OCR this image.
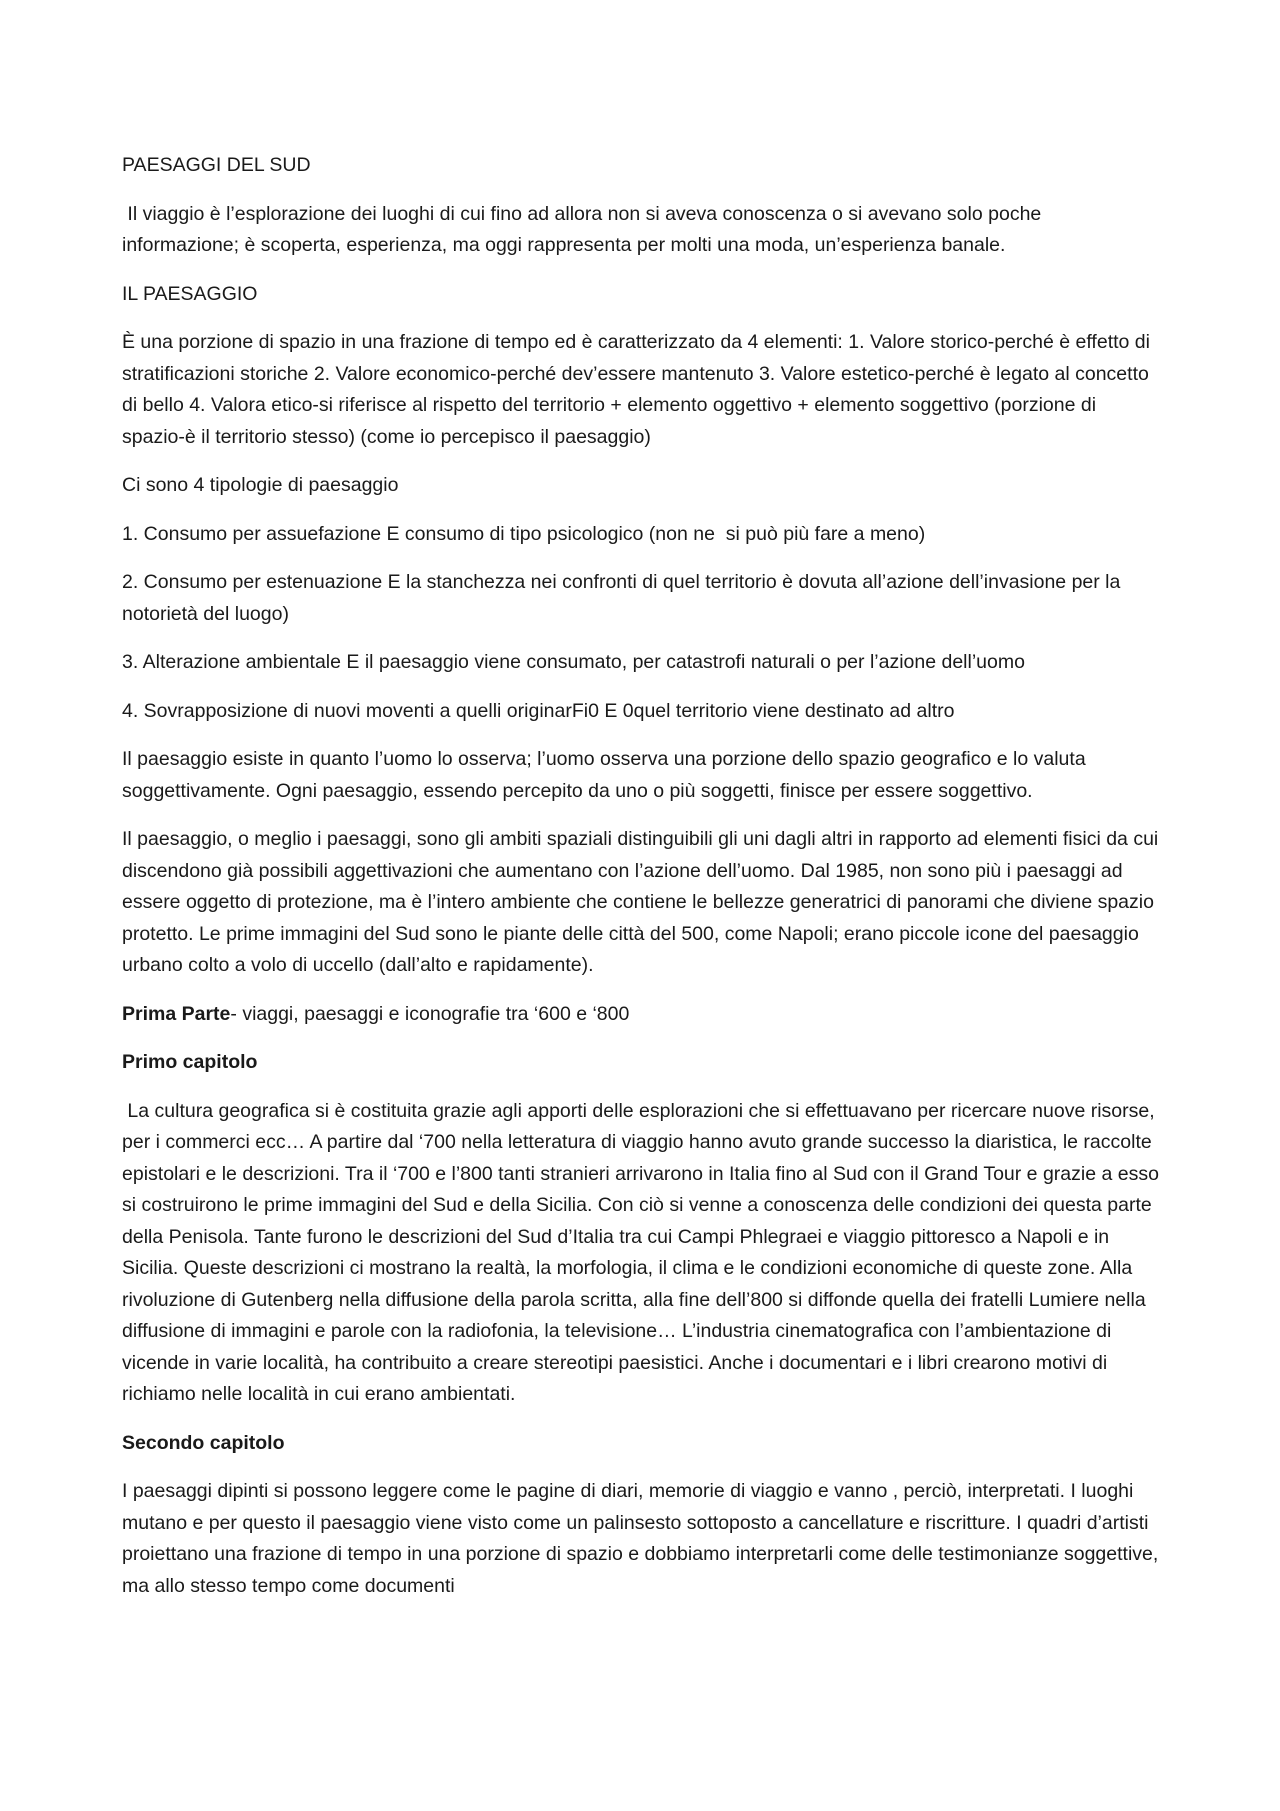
PAESAGGI DEL SUD

Il viaggio è l’esplorazione dei luoghi di cui fino ad allora non si aveva conoscenza o si avevano solo poche informazione; è scoperta, esperienza, ma oggi rappresenta per molti una moda, un’esperienza banale.

IL PAESAGGIO

È una porzione di spazio in una frazione di tempo ed è caratterizzato da 4 elementi: 1. Valore storico-perché è effetto di stratificazioni storiche 2. Valore economico-perché dev’essere mantenuto 3. Valore estetico-perché è legato al concetto di bello 4. Valora etico-si riferisce al rispetto del territorio + elemento oggettivo + elemento soggettivo (porzione di spazio-è il territorio stesso) (come io percepisco il paesaggio)

Ci sono 4 tipologie di paesaggio

1. Consumo per assuefazione E consumo di tipo psicologico (non ne  si può più fare a meno)

2. Consumo per estenuazione E la stanchezza nei confronti di quel territorio è dovuta all’azione dell’invasione per la notorietà del luogo)

3. Alterazione ambientale E il paesaggio viene consumato, per catastrofi naturali o per l’azione dell’uomo

4. Sovrapposizione di nuovi moventi a quelli originarFi0 E 0quel territorio viene destinato ad altro

Il paesaggio esiste in quanto l’uomo lo osserva; l’uomo osserva una porzione dello spazio geografico e lo valuta soggettivamente. Ogni paesaggio, essendo percepito da uno o più soggetti, finisce per essere soggettivo.

Il paesaggio, o meglio i paesaggi, sono gli ambiti spaziali distinguibili gli uni dagli altri in rapporto ad elementi fisici da cui discendono già possibili aggettivazioni che aumentano con l’azione dell’uomo. Dal 1985, non sono più i paesaggi ad essere oggetto di protezione, ma è l’intero ambiente che contiene le bellezze generatrici di panorami che diviene spazio protetto. Le prime immagini del Sud sono le piante delle città del 500, come Napoli; erano piccole icone del paesaggio urbano colto a volo di uccello (dall’alto e rapidamente).

Prima Parte- viaggi, paesaggi e iconografie tra ‘600 e ‘800

Primo capitolo

La cultura geografica si è costituita grazie agli apporti delle esplorazioni che si effettuavano per ricercare nuove risorse, per i commerci ecc… A partire dal ‘700 nella letteratura di viaggio hanno avuto grande successo la diaristica, le raccolte epistolari e le descrizioni. Tra il ‘700 e l’800 tanti stranieri arrivarono in Italia fino al Sud con il Grand Tour e grazie a esso si costruirono le prime immagini del Sud e della Sicilia. Con ciò si venne a conoscenza delle condizioni dei questa parte della Penisola. Tante furono le descrizioni del Sud d’Italia tra cui Campi Phlegraei e viaggio pittoresco a Napoli e in Sicilia. Queste descrizioni ci mostrano la realtà, la morfologia, il clima e le condizioni economiche di queste zone. Alla rivoluzione di Gutenberg nella diffusione della parola scritta, alla fine dell’800 si diffonde quella dei fratelli Lumiere nella diffusione di immagini e parole con la radiofonia, la televisione… L’industria cinematografica con l’ambientazione di vicende in varie località, ha contribuito a creare stereotipi paesistici. Anche i documentari e i libri crearono motivi di richiamo nelle località in cui erano ambientati.

Secondo capitolo

I paesaggi dipinti si possono leggere come le pagine di diari, memorie di viaggio e vanno , perciò, interpretati. I luoghi mutano e per questo il paesaggio viene visto come un palinsesto sottoposto a cancellature e riscritture. I quadri d’artisti proiettano una frazione di tempo in una porzione di spazio e dobbiamo interpretarli come delle testimonianze soggettive, ma allo stesso tempo come documenti
